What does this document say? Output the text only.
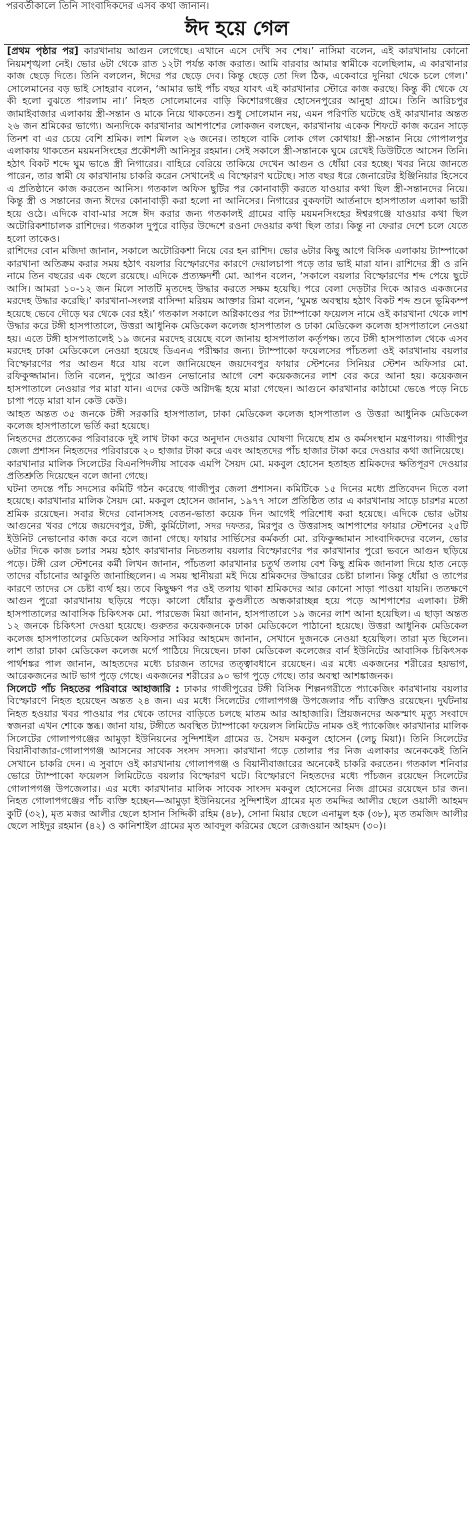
পরবর্তীকালে তিনি সাংবাদিকদের এসব কথা জানান।
ঈদ হয়ে গেল

[প্রথম পৃষ্ঠার পর] কারখানায় আগুন লেগেছে। এখানে এসে দেখি সব শেষ।’ নাসিমা বলেন, এই কারখানায় কোনো নিয়মশৃঙ্খলা নেই। ভোর ৬টা থেকে রাত ১২টা পর্যন্ত কাজ করাত। আমি বারবার আমার স্বামীকে বলেছিলাম, এ কারখানার কাজ ছেড়ে দিতে। তিনি বললেন, ঈদের পর ছেড়ে দেব। কিন্তু ছেড়ে তো দিল ঠিক, একেবারে দুনিয়া থেকে চলে গেল।’ সোলেমানের বড় ভাই সোহরাব বলেন, ‘আমার ভাই পাঁচ বছর যাবৎ এই কারখানার স্টোরে কাজ করছে। কিন্তু কী থেকে যে কী হলো বুঝতে পারলাম না।’ নিহত সোলেমানের বাড়ি কিশোরগঞ্জের হোসেনপুরের আনুহা গ্রামে। তিনি আরিচপুর জামাইবাজার এলাকায় স্ত্রী-সন্তান ও মাকে নিয়ে থাকতেন। শুধু সোলেমান নয়, এমন পরিণতি ঘটেছে ওই কারখানার অন্তত ২৬ জন শ্রমিকের ভাগ্যে। অন্যদিকে কারখানার আশপাশের লোকজন বলছেন, কারখানায় একেক শিফটে কাজ করেন সাড়ে তিনশ বা এর চেয়ে বেশি শ্রমিক। লাশ মিলল ২৬ জনের। তাহলে বাকি লোক গেল কোথায়! স্ত্রী-সন্তান নিয়ে গোপালপুর এলাকায় থাকতেন ময়মনসিংহের প্রকৌশলী আনিসুর রহমান। সেই সকালে স্ত্রী-সন্তানকে ঘুমে রেখেই ডিউটিতে আসেন তিনি। হঠাৎ বিকট শব্দে ঘুম ভাঙে স্ত্রী নিগারের। বাহিরে বেরিয়ে তাকিয়ে দেখেন আগুন ও ধোঁয়া বের হচ্ছে। খবর নিয়ে জানতে পারেন, তার স্বামী যে কারখানায় চাকরি করেন সেখানেই এ বিস্ফোরণ ঘটেছে। সাত বছর ধরে জেনারেটর ইঞ্জিনিয়ার হিসেবে এ প্রতিষ্ঠানে কাজ করতেন আনিস। গতকাল অফিস ছুটির পর কোনাবাড়ী করতে যাওয়ার কথা ছিল স্ত্রী-সন্তানদের নিয়ে। কিন্তু স্ত্রী ও সন্তানের জন্য ঈদের কোনাবাড়ী করা হলো না আনিসের। নিগারের বুকফাটা আর্তনাদে হাসপাতাল এলাকা ভারী হয়ে ওঠে। এদিকে বাবা-মার সঙ্গে ঈদ করার জন্য গতকালই গ্রামের বাড়ি ময়মনসিংহের ঈশ্বরগঞ্জে যাওয়ার কথা ছিল অটোরিকশাচালক রাশিদের। গতকাল দুপুরে বাড়ির উদ্দেশে রওনা দেওয়ার কথা ছিল তার। কিন্তু না ফেরার দেশে চলে যেতে হলো তাকেও।

রাশিদের বোন মজিদা জানান, সকালে অটোরিকশা নিয়ে বের হন রাশিদ। ভোর ৬টার কিছু আগে বিসিক এলাকায় ট্যাম্পাকো কারখানা অতিক্রম করার সময় হঠাৎ বয়লার বিস্ফোরণের কারণে দেয়ালচাপা পড়ে তার ভাই মারা যান। রাশিদের স্ত্রী ও রনি নামে তিন বছরের এক ছেলে রয়েছে। এদিকে প্রত্যক্ষদর্শী মো. আপন বলেন, ‘সকালে বয়লার বিস্ফোরণের শব্দ পেয়ে ছুটে আসি। আমরা ১০-১২ জন মিলে সাতটি মৃতদেহ উদ্ধার করতে সক্ষম হয়েছি। পরে বেলা দেড়টার দিকে আরও একজনের মরদেহ উদ্ধার করেছি।’ কারখানা-সংলগ্ন বাসিন্দা মরিয়ম আক্তার রিমা বলেন, ‘ঘুমন্ত অবস্থায় হঠাৎ বিকট শব্দ শুনে ভূমিকম্প হয়েছে ভেবে দৌড়ে ঘর থেকে বের হই।’ গতকাল সকালে অগ্নিকাণ্ডের পর ট্যাম্পাকো ফয়েলস নামে ওই কারখানা থেকে লাশ উদ্ধার করে টঙ্গী হাসপাতালে, উত্তরা আধুনিক মেডিকেল কলেজ হাসপাতাল ও ঢাকা মেডিকেল কলেজ হাসপাতালে নেওয়া হয়। এতে টঙ্গী হাসপাতালেই ১৯ জনের মরদেহ রয়েছে বলে জানায় হাসপাতাল কর্তৃপক্ষ। তবে টঙ্গী হাসপাতাল থেকে এসব মরদেহ ঢাকা মেডিকেলে নেওয়া হয়েছে ডিএনএ পরীক্ষার জন্য। ট্যাম্পাকো ফয়েলসের পাঁচতলা ওই কারখানায় বয়লার বিস্ফোরণের পর আগুন ধরে যায় বলে জানিয়েছেন জয়দেবপুর ফায়ার স্টেশনের সিনিয়র স্টেশন অফিসার মো. রফিকুজ্জামান। তিনি বলেন, দুপুরে আগুন নেভানোর আগে বেশ কয়েকজনের লাশ বের করে আনা হয়। কয়েকজন হাসপাতালে নেওয়ার পর মারা যান। এদের কেউ অগ্নিদগ্ধ হয়ে মারা গেছেন। আগুনে কারখানার কাঠামো ভেঙে পড়ে নিচে চাপা পড়ে মারা যান কেউ কেউ।

আহত অন্তত ৩৫ জনকে টঙ্গী সরকারি হাসপাতাল, ঢাকা মেডিকেল কলেজ হাসপাতাল ও উত্তরা আধুনিক মেডিকেল কলেজ হাসপাতালে ভর্তি করা হয়েছে।

নিহতদের প্রত্যেকের পরিবারকে দুই লাখ টাকা করে অনুদান দেওয়ার ঘোষণা দিয়েছে শ্রম ও কর্মসংস্থান মন্ত্রণালয়। গাজীপুর জেলা প্রশাসন নিহতদের পরিবারকে ২০ হাজার টাকা করে এবং আহতদের পাঁচ হাজার টাকা করে দেওয়ার কথা জানিয়েছে।

কারখানার মালিক সিলেটের বিএনপিদলীয় সাবেক এমপি সৈয়দ মো. মকবুল হোসেন হতাহত শ্রমিকদের ক্ষতিপূরণ দেওয়ার প্রতিশ্রুতি দিয়েছেন বলে জানা গেছে।

ঘটনা তদন্তে পাঁচ সদস্যের কমিটি গঠন করেছে গাজীপুর জেলা প্রশাসন। কমিটিকে ১৫ দিনের মধ্যে প্রতিবেদন দিতে বলা হয়েছে। কারখানার মালিক সৈয়দ মো. মকবুল হোসেন জানান, ১৯৭৭ সালে প্রতিষ্ঠিত তার এ কারখানায় সাড়ে চারশর মতো শ্রমিক রয়েছেন। সবার ঈদের বোনাসসহ বেতন-ভাতা কয়েক দিন আগেই পরিশোধ করা হয়েছে। এদিকে ভোর ৬টায় আগুনের খবর পেয়ে জয়দেবপুর, টঙ্গী, কুর্মিটোলা, সদর দফতর, মিরপুর ও উত্তরাসহ আশপাশের ফায়ার স্টেশনের ২৫টি ইউনিট নেভানোর কাজ করে বলে জানা গেছে। ফায়ার সার্ভিসের কর্মকর্তা মো. রফিকুজ্জামান সাংবাদিকদের বলেন, ভোর ৬টার দিকে কাজ চলার সময় হঠাৎ কারখানার নিচতলায় বয়লার বিস্ফোরণের পর কারখানার পুরো ভবনে আগুন ছড়িয়ে পড়ে। টঙ্গী রেল স্টেশনের কর্মী লিখন জানান, পাঁচতলা কারখানার চতুর্থ তলায় বেশ কিছু শ্রমিক জানালা দিয়ে হাত নেড়ে তাদের বাঁচানোর আকুতি জানাচ্ছিলেন। এ সময় স্থানীয়রা মই দিয়ে শ্রমিকদের উদ্ধারের চেষ্টা চালান। কিন্তু ধোঁয়া ও তাপের কারণে তাদের সে চেষ্টা ব্যর্থ হয়। তবে কিছুক্ষণ পর ওই তলায় থাকা শ্রমিকদের আর কোনো সাড়া পাওয়া যায়নি। ততক্ষণে আগুন পুরো কারখানায় ছড়িয়ে পড়ে। কালো ধোঁয়ার কুণ্ডলীতে অন্ধকারাচ্ছন্ন হয়ে পড়ে আশপাশের এলাকা। টঙ্গী হাসপাতালের আবাসিক চিকিৎসক মো. পারভেজ মিয়া জানান, হাসপাতালে ১৯ জনের লাশ আনা হয়েছিল। এ ছাড়া অন্তত ১২ জনকে চিকিৎসা দেওয়া হয়েছে। গুরুতর কয়েকজনকে ঢাকা মেডিকেলে পাঠানো হয়েছে। উত্তরা আধুনিক মেডিকেল কলেজ হাসপাতালের মেডিকেল অফিসার সাব্বির আহমেদ জানান, সেখানে দুজনকে নেওয়া হয়েছিল। তারা মৃত ছিলেন। লাশ তারা ঢাকা মেডিকেল কলেজ মর্গে পাঠিয়ে দিয়েছেন। ঢাকা মেডিকেল কলেজের বার্ন ইউনিটের আবাসিক চিকিৎসক পার্থশঙ্কর পাল জানান, আহতদের মধ্যে চারজন তাদের তত্ত্বাবধানে রয়েছেন। এর মধ্যে একজনের শরীরের হয়ভাগ, আরেকজনের আট ভাগ পুড়ে গেছে। একজনের শরীরের ৯০ ভাগ পুড়ে গেছে। তার অবস্থা আশঙ্কাজনক।

সিলেটে পাঁচ নিহতের পরিবারে আহাজারি : ঢাকার গাজীপুরের টঙ্গী বিসিক শিল্পনগরীতে প্যাকেজিং কারখানায় বয়লার বিস্ফোরণে নিহত হয়েছেন অন্তত ২৪ জন। এর মধ্যে সিলেটের গোলাপগঞ্জ উপজেলার পাঁচ ব্যক্তিও রয়েছেন। দুর্ঘটনায় নিহত হওয়ার খবর পাওয়ার পর থেকে তাদের বাড়িতে চলছে মাতম আর আহাজারি। প্রিয়জনদের অকস্মাৎ মৃত্যু সংবাদে স্বজনরা এখন শোকে স্তব্ধ। জানা যায়, টঙ্গীতে অবস্থিত ট্যাম্পাকো ফয়েলস লিমিটেড নামক ওই প্যাকেজিং কারখানার মালিক সিলেটের গোলাপগঞ্জের আমুড়া ইউনিয়নের সুন্দিশাইল গ্রামের ড. সৈয়দ মকবুল হোসেন (লেচু মিয়া)। তিনি সিলেটের বিয়ানীবাজার-গোলাপগঞ্জ আসনের সাবেক সংসদ সদস্য। কারখানা গড়ে তোলার পর নিজ এলাকার অনেককেই তিনি সেখানে চাকরি দেন। এ সুবাদে ওই কারখানায় গোলাপগঞ্জ ও বিয়ানীবাজারের অনেকেই চাকরি করতেন। গতকাল শনিবার ভোরে ট্যাম্পাকো ফয়েলস লিমিটেডে বয়লার বিস্ফোরণ ঘটে। বিস্ফোরণে নিহতদের মধ্যে পাঁচজন রয়েছেন সিলেটের গোলাপগঞ্জ উপজেলার। এর মধ্যে কারখানার মালিক সাবেক সাংসদ মকবুল হোসেনের নিজ গ্রামের রয়েছেন চার জন। নিহত গোলাপগঞ্জের পাঁচ ব্যক্তি হচ্ছেন—আমুড়া ইউনিয়নের সুন্দিশাইল গ্রামের মৃত তমদ্দির আলীর ছেলে ওয়ালী আহমদ কুটি (৩২), মৃত মজর আলীর ছেলে হাসান সিদ্দিকী রহিম (৪৮), সোনা মিয়ার ছেলে এনামুল হক (৩৮), মৃত তমজিদ আলীর ছেলে সাইদুর রহমান (৪২) ও কানিশাইল গ্রামের মৃত আবদুল করিমের ছেলে রেজওয়ান আহমদ (৩০)।
